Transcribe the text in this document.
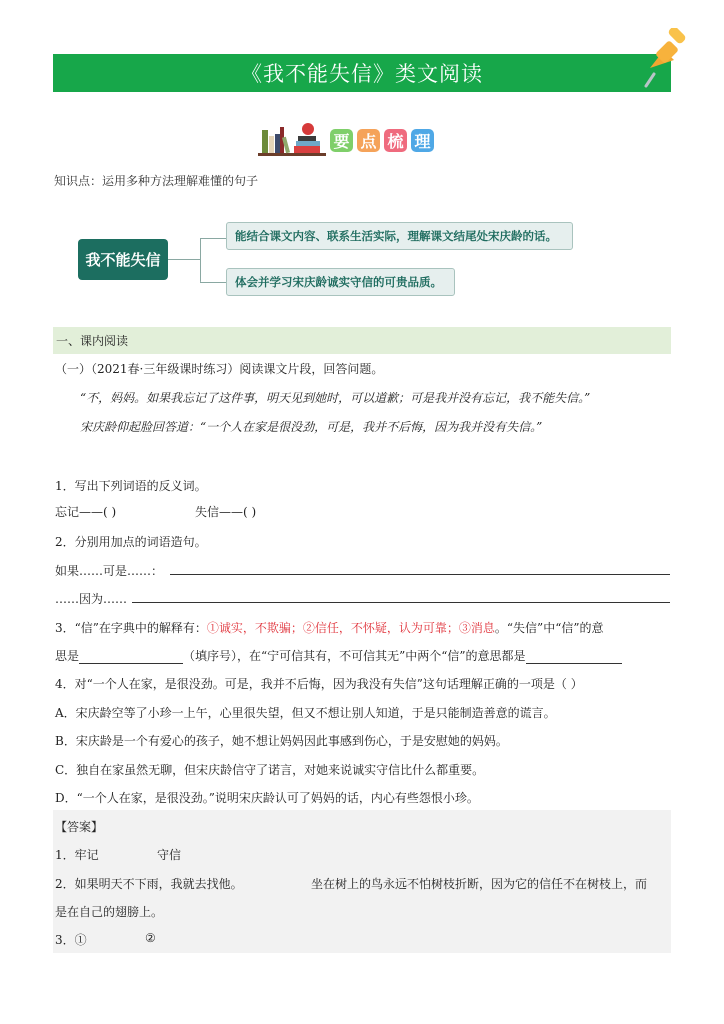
《我不能失信》类文阅读
要 点 梳 理
知识点：运用多种方法理解难懂的句子
我不能失信
能结合课文内容、联系生活实际，理解课文结尾处宋庆龄的话。
体会并学习宋庆龄诚实守信的可贵品质。
一、课内阅读
（一）（2021春·三年级课时练习）阅读课文片段，回答问题。
“不，妈妈。如果我忘记了这件事，明天见到她时，可以道歉；可是我并没有忘记，我不能失信。”
宋庆龄仰起脸回答道：“一个人在家是很没劲，可是，我并不后悔，因为我并没有失信。”
1．写出下列词语的反义词。
忘记——( )	失信——( )
2．分别用加点的词语造句。
如果……可是……：
……因为……
3．“信”在字典中的解释有：①诚实，不欺骗；②信任，不怀疑，认为可靠；③消息。“失信”中“信”的意
思是	（填序号），在“宁可信其有，不可信其无”中两个“信”的意思都是
4．对“一个人在家，是很没劲。可是，我并不后悔，因为我没有失信”这句话理解正确的一项是（ ）
A．宋庆龄空等了小珍一上午，心里很失望，但又不想让别人知道，于是只能制造善意的谎言。
B．宋庆龄是一个有爱心的孩子，她不想让妈妈因此事感到伤心，于是安慰她的妈妈。
C．独自在家虽然无聊，但宋庆龄信守了诺言，对她来说诚实守信比什么都重要。
D．“一个人在家，是很没劲。”说明宋庆龄认可了妈妈的话，内心有些怨恨小珍。
【答案】
1．牢记	守信
2．如果明天不下雨，我就去找他。	坐在树上的鸟永远不怕树枝折断，因为它的信任不在树枝上，而
是在自己的翅膀上。
3．①	②
